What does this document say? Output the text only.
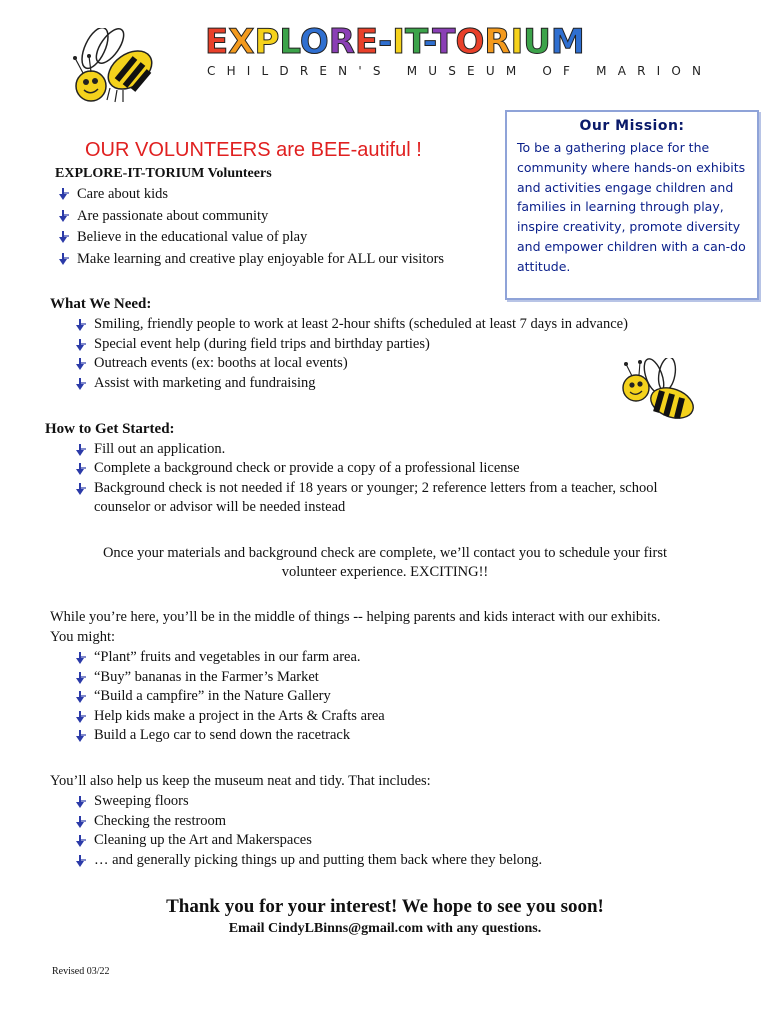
EXPLORE-IT-TORIUM
CHILDREN'S MUSEUM OF MARION
Our Mission:
To be a gathering place for the community where hands-on exhibits and activities engage children and families in learning through play, inspire creativity, promote diversity and empower children with a can-do attitude.
OUR VOLUNTEERS are BEE-autiful !
EXPLORE-IT-TORIUM Volunteers
Care about kids
Are passionate about community
Believe in the educational value of play
Make learning and creative play enjoyable for ALL our visitors
What We Need:
Smiling, friendly people to work at least 2-hour shifts (scheduled at least 7 days in advance)
Special event help (during field trips and birthday parties)
Outreach events (ex: booths at local events)
Assist with marketing and fundraising
How to Get Started:
Fill out an application.
Complete a background check or provide a copy of a professional license
Background check is not needed if 18 years or younger; 2 reference letters from a teacher, school
counselor or advisor will be needed instead
Once your materials and background check are complete, we’ll contact you to schedule your first
volunteer experience. EXCITING!!
While you’re here, you’ll be in the middle of things -- helping parents and kids interact with our exhibits.
You might:
“Plant” fruits and vegetables in our farm area.
“Buy” bananas in the Farmer’s Market
“Build a campfire” in the Nature Gallery
Help kids make a project in the Arts & Crafts area
Build a Lego car to send down the racetrack
You’ll also help us keep the museum neat and tidy. That includes:
Sweeping floors
Checking the restroom
Cleaning up the Art and Makerspaces
… and generally picking things up and putting them back where they belong.
Thank you for your interest! We hope to see you soon!
Email CindyLBinns@gmail.com with any questions.
Revised 03/22
